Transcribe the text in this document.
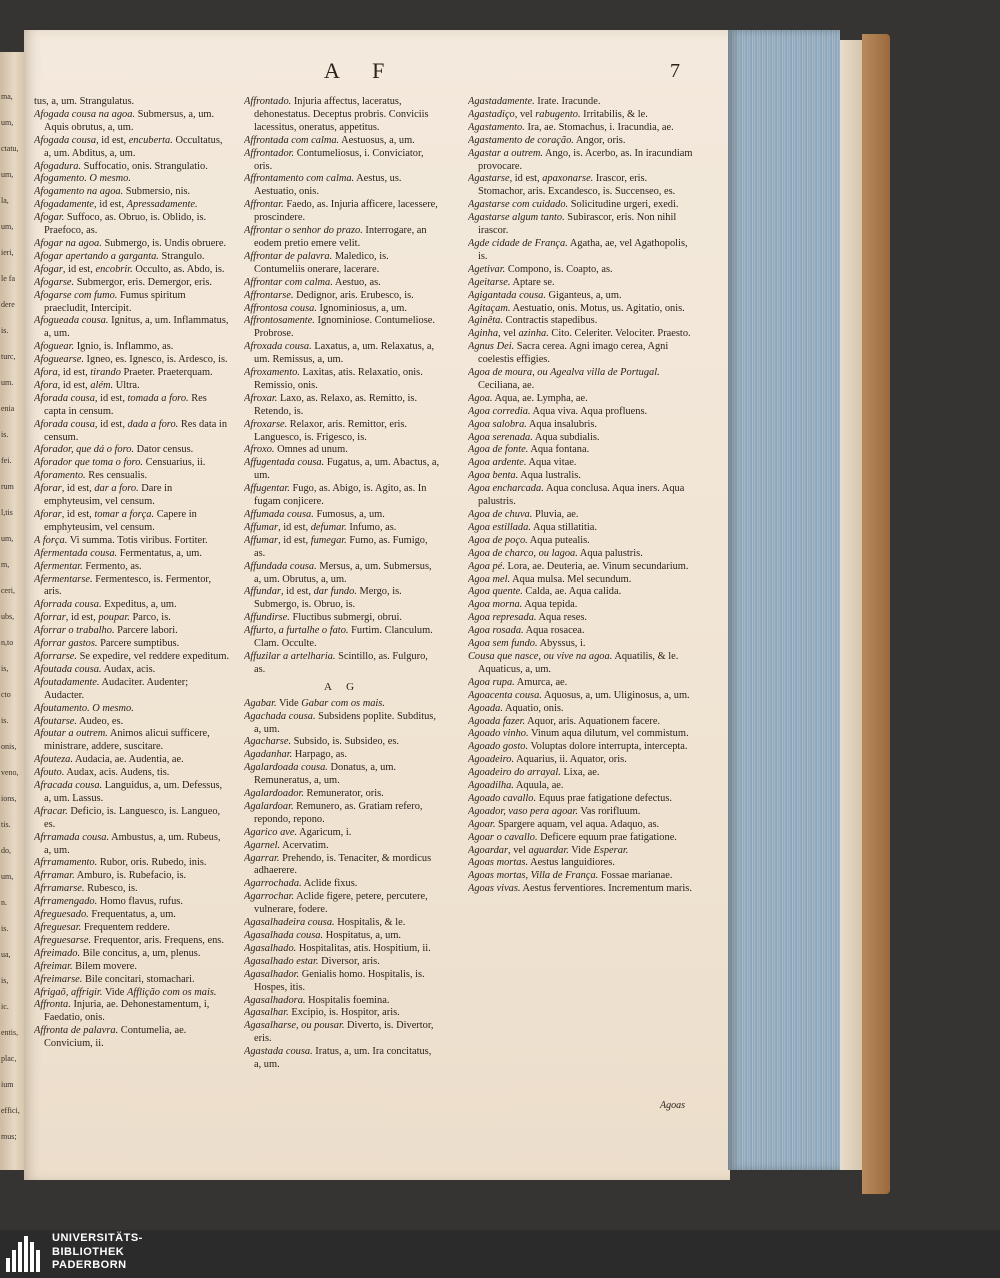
ma,
um,
ctatu,
um,
la,
um,
ieri,
le fa
dere
is.
turc,
um.
enia
is.
fei.
rum
l,tis
um,
m,
ceri,
ubs,
n,to
is,
cto
is.
onis,
veno,
ions,
tis.
do,
um,
n.
is.
ua,
is,
ic.
entis,
plac,
ium
effici,
mus;
A F	7

tus, a, um. Strangulatus.

Afogada cousa na agoa. Submersus, a, um. Aquis obrutus, a, um.

Afogada cousa, id est, encuberta. Occultatus, a, um. Abditus, a, um.

Afogadura. Suffocatio, onis. Strangulatio.

Afogamento. O mesmo.

Afogamento na agoa. Submersio, nis.

Afogadamente, id est, Apressadamente.

Afogar. Suffoco, as. Obruo, is. Oblido, is. Praefoco, as.

Afogar na agoa. Submergo, is. Undis obruere.

Afogar apertando a garganta. Strangulo.

Afogar, id est, encobrir. Occulto, as. Abdo, is.

Afogarse. Submergor, eris. Demergor, eris.

Afogarse com fumo. Fumus spiritum praecludit, Intercipit.

Afogueada cousa. Ignitus, a, um. Inflammatus, a, um.

Afoguear. Ignio, is. Inflammo, as.

Afoguearse. Igneo, es. Ignesco, is. Ardesco, is.

Afora, id est, tirando Praeter. Praeterquam.

Afora, id est, além. Ultra.

Aforada cousa, id est, tomada a foro. Res capta in censum.

Aforada cousa, id est, dada a foro. Res data in censum.

Aforador, que dá o foro. Dator census.

Aforador que toma o foro. Censuarius, ii.

Aforamento. Res censualis.

Aforar, id est, dar a foro. Dare in emphyteusim, vel censum.

Aforar, id est, tomar a força. Capere in emphyteusim, vel censum.

A força. Vi summa. Totis viribus. Fortiter.

Afermentada cousa. Fermentatus, a, um.

Afermentar. Fermento, as.

Afermentarse. Fermentesco, is. Fermentor, aris.

Aforrada cousa. Expeditus, a, um.

Aforrar, id est, poupar. Parco, is.

Aforrar o trabalho. Parcere labori.

Aforrar gastos. Parcere sumptibus.

Aforrarse. Se expedire, vel reddere expeditum.

Afoutada cousa. Audax, acis.

Afoutadamente. Audaciter. Audenter; Audacter.

Afoutamento. O mesmo.

Afoutarse. Audeo, es.

Afoutar a outrem. Animos alicui sufficere, ministrare, addere, suscitare.

Afouteza. Audacia, ae. Audentia, ae.

Afouto. Audax, acis. Audens, tis.

Afracada cousa. Languidus, a, um. Defessus, a, um. Lassus.

Afracar. Deficio, is. Languesco, is. Langueo, es.

Afrramada cousa. Ambustus, a, um. Rubeus, a, um.

Afrramamento. Rubor, oris. Rubedo, inis.

Afrramar. Amburo, is. Rubefacio, is.

Afrramarse. Rubesco, is.

Afrramengado. Homo flavus, rufus.

Afreguesado. Frequentatus, a, um.

Afreguesar. Frequentem reddere.

Afreguesarse. Frequentor, aris. Frequens, ens.

Afreimado. Bile concitus, a, um, plenus.

Afreimar. Bilem movere.

Afreimarse. Bile concitari, stomachari.

Afrigaõ, affrigir. Vide Afflição com os mais.

Affronta. Injuria, ae. Dehonestamentum, i, Faedatio, onis.

Affronta de palavra. Contumelia, ae. Convicium, ii.

Affrontado. Injuria affectus, laceratus, dehonestatus. Deceptus probris. Conviciis lacessitus, oneratus, appetitus.

Affrontada com calma. Aestuosus, a, um.

Affrontador. Contumeliosus, i. Conviciator, oris.

Affrontamento com calma. Aestus, us. Aestuatio, onis.

Affrontar. Faedo, as. Injuria afficere, lacessere, proscindere.

Affrontar o senhor do prazo. Interrogare, an eodem pretio emere velit.

Affrontar de palavra. Maledico, is. Contumeliis onerare, lacerare.

Affrontar com calma. Aestuo, as.

Affrontarse. Dedignor, aris. Erubesco, is.

Affrontosa cousa. Ignominiosus, a, um.

Affrontosamente. Ignominiose. Contumeliose. Probrose.

Afroxada cousa. Laxatus, a, um. Relaxatus, a, um. Remissus, a, um.

Afroxamento. Laxitas, atis. Relaxatio, onis. Remissio, onis.

Afroxar. Laxo, as. Relaxo, as. Remitto, is. Retendo, is.

Afroxarse. Relaxor, aris. Remittor, eris. Languesco, is. Frigesco, is.

Afroxo. Omnes ad unum.

Affugentada cousa. Fugatus, a, um. Abactus, a, um.

Affugentar. Fugo, as. Abigo, is. Agito, as. In fugam conjicere.

Affumada cousa. Fumosus, a, um.

Affumar, id est, defumar. Infumo, as.

Affumar, id est, fumegar. Fumo, as. Fumigo, as.

Affundada cousa. Mersus, a, um. Submersus, a, um. Obrutus, a, um.

Affundar, id est, dar fundo. Mergo, is. Submergo, is. Obruo, is.

Affundirse. Fluctibus submergi, obrui.

Affurto, a furtalhe o fato. Furtim. Clanculum. Clam. Occulte.

Affuzilar a artelharia. Scintillo, as. Fulguro, as.

A G

Agabar. Vide Gabar com os mais.

Agachada cousa. Subsidens poplite. Subditus, a, um.

Agacharse. Subsido, is. Subsideo, es.

Agadanhar. Harpago, as.

Agalardoada cousa. Donatus, a, um. Remuneratus, a, um.

Agalardoador. Remunerator, oris.

Agalardoar. Remunero, as. Gratiam refero, repondo, repono.

Agarico ave. Agaricum, i.

Agarnel. Acervatim.

Agarrar. Prehendo, is. Tenaciter, & mordicus adhaerere.

Agarrochada. Aclide fixus.

Agarrochar. Aclide figere, petere, percutere, vulnerare, fodere.

Agasalhadeira cousa. Hospitalis, & le.

Agasalhada cousa. Hospitatus, a, um.

Agasalhado. Hospitalitas, atis. Hospitium, ii.

Agasalhado estar. Diversor, aris.

Agasalhador. Genialis homo. Hospitalis, is. Hospes, itis.

Agasalhadora. Hospitalis foemina.

Agasalhar. Excipio, is. Hospitor, aris.

Agasalharse, ou pousar. Diverto, is. Divertor, eris.

Agastada cousa. Iratus, a, um. Ira concitatus, a, um.

Agastadamente. Irate. Iracunde.

Agastadiço, vel rabugento. Irritabilis, & le.

Agastamento. Ira, ae. Stomachus, i. Iracundia, ae.

Agastamento de coração. Angor, oris.

Agastar a outrem. Ango, is. Acerbo, as. In iracundiam provocare.

Agastarse, id est, apaxonarse. Irascor, eris. Stomachor, aris. Excandesco, is. Succenseo, es.

Agastarse com cuidado. Solicitudine urgeri, exedi.

Agastarse algum tanto. Subirascor, eris. Non nihil irascor.

Agde cidade de França. Agatha, ae, vel Agathopolis, is.

Agetivar. Compono, is. Coapto, as.

Ageitarse. Aptare se.

Agigantada cousa. Giganteus, a, um.

Agitaçam. Aestuatio, onis. Motus, us. Agitatio, onis.

Aginêta. Contractis stapedibus.

Aginha, vel azinha. Cito. Celeriter. Velociter. Praesto.

Agnus Dei. Sacra cerea. Agni imago cerea, Agni coelestis effigies.

Agoa de moura, ou Agealva villa de Portugal. Ceciliana, ae.

Agoa. Aqua, ae. Lympha, ae.

Agoa corredia. Aqua viva. Aqua profluens.

Agoa salobra. Aqua insalubris.

Agoa serenada. Aqua subdialis.

Agoa de fonte. Aqua fontana.

Agoa ardente. Aqua vitae.

Agoa benta. Aqua lustralis.

Agoa encharcada. Aqua conclusa. Aqua iners. Aqua palustris.

Agoa de chuva. Pluvia, ae.

Agoa estillada. Aqua stillatitia.

Agoa de poço. Aqua putealis.

Agoa de charco, ou lagoa. Aqua palustris.

Agoa pé. Lora, ae. Deuteria, ae. Vinum secundarium.

Agoa mel. Aqua mulsa. Mel secundum.

Agoa quente. Calda, ae. Aqua calida.

Agoa morna. Aqua tepida.

Agoa represada. Aqua reses.

Agoa rosada. Aqua rosacea.

Agoa sem fundo. Abyssus, i.

Cousa que nasce, ou vive na agoa. Aquatilis, & le. Aquaticus, a, um.

Agoa rupa. Amurca, ae.

Agoacenta cousa. Aquosus, a, um. Uliginosus, a, um.

Agoada. Aquatio, onis.

Agoada fazer. Aquor, aris. Aquationem facere.

Agoado vinho. Vinum aqua dilutum, vel commistum.

Agoado gosto. Voluptas dolore interrupta, intercepta.

Agoadeiro. Aquarius, ii. Aquator, oris.

Agoadeiro do arrayal. Lixa, ae.

Agoadilha. Aquula, ae.

Agoado cavallo. Equus prae fatigatione defectus.

Agoador, vaso pera agoar. Vas rorifluum.

Agoar. Spargere aquam, vel aqua. Adaquo, as.

Agoar o cavallo. Deficere equum prae fatigatione.

Agoardar, vel aguardar. Vide Esperar.

Agoas mortas. Aestus languidiores.

Agoas mortas, Villa de França. Fossae marianae.

Agoas vivas. Aestus ferventiores. Incrementum maris.

Agoas
UNIVERSITÄTS-
BIBLIOTHEK
PADERBORN
